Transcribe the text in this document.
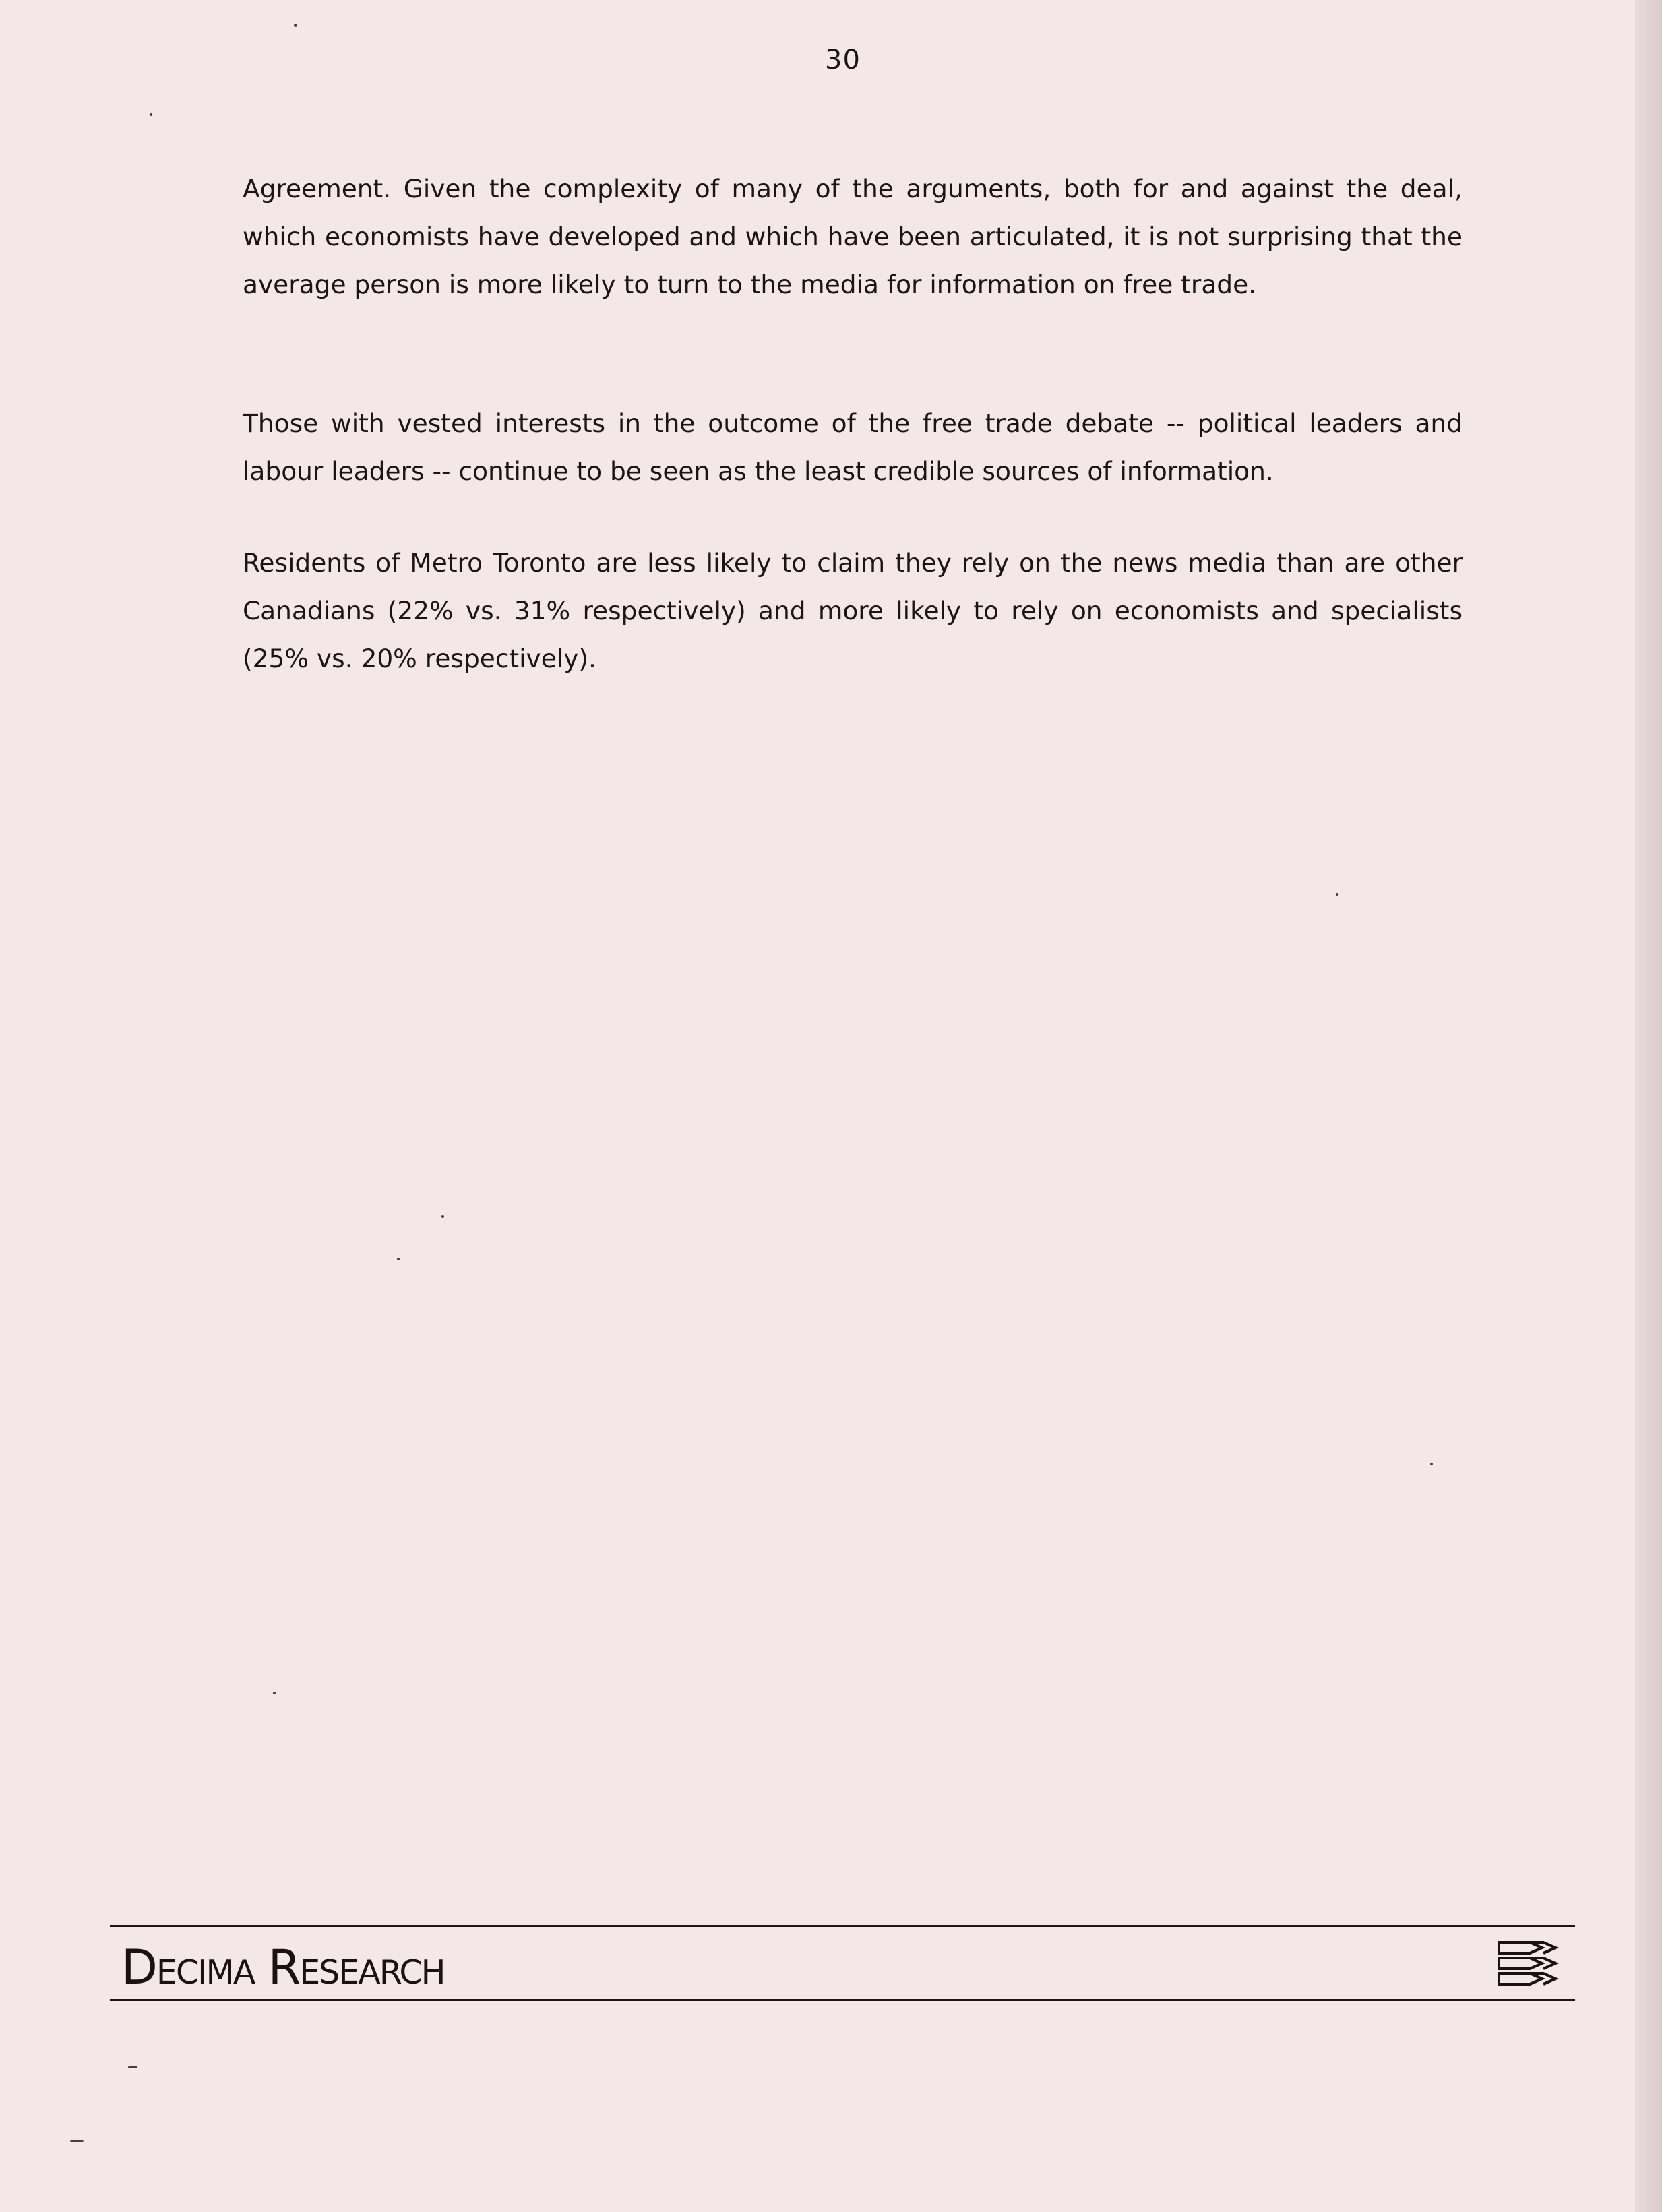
30
Agreement. Given the complexity of many of the arguments, both for and against the deal, which economists have developed and which have been articulated, it is not surprising that the average person is more likely to turn to the media for information on free trade.
Those with vested interests in the outcome of the free trade debate -- political leaders and labour leaders -- continue to be seen as the least credible sources of information.
Residents of Metro Toronto are less likely to claim they rely on the news media than are other Canadians (22% vs. 31% respectively) and more likely to rely on economists and specialists (25% vs. 20% respectively).
Decima Research
